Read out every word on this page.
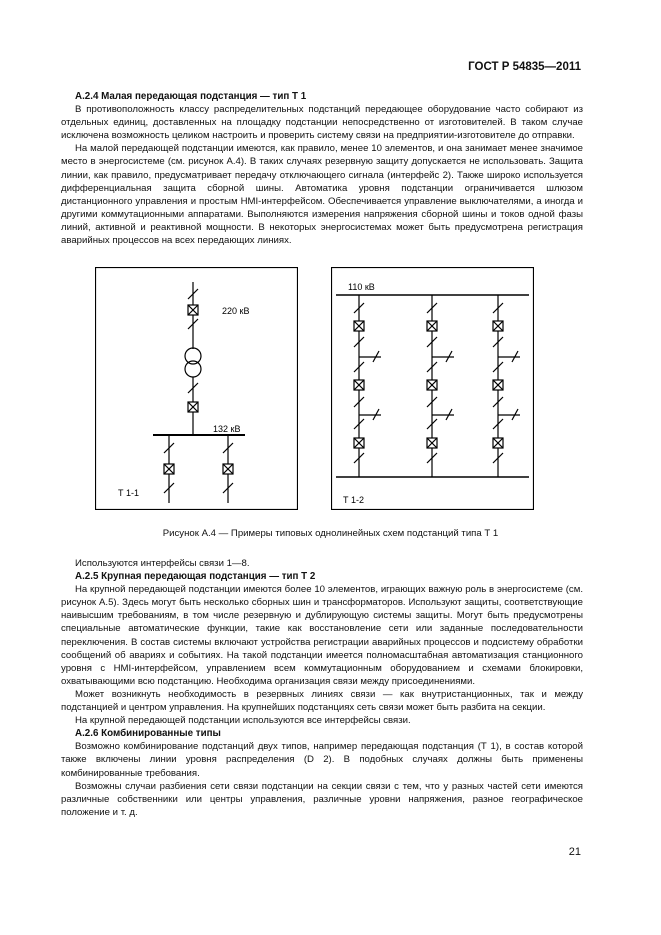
ГОСТ Р 54835—2011
А.2.4 Малая передающая подстанция — тип Т 1

В противоположность классу распределительных подстанций передающее оборудование часто собирают из отдельных единиц, доставленных на площадку подстанции непосредственно от изготовителей. В таком случае исключена возможность целиком настроить и проверить систему связи на предприятии-изготовителе до отправки.

На малой передающей подстанции имеются, как правило, менее 10 элементов, и она занимает менее значимое место в энергосистеме (см. рисунок А.4). В таких случаях резервную защиту допускается не использовать. Защита линии, как правило, предусматривает передачу отключающего сигнала (интерфейс 2). Также широко используется дифференциальная защита сборной шины. Автоматика уровня подстанции ограничивается шлюзом дистанционного управления и простым HMI-интерфейсом. Обеспечивается управление выключателями, а иногда и другими коммутационными аппаратами. Выполняются измерения напряжения сборной шины и токов одной фазы линий, активной и реактивной мощности. В некоторых энергосистемах может быть предусмотрена регистрация аварийных процессов на всех передающих линиях.

220 кВ
132 кВ
Т 1-1
110 кВ
Т 1-2
Рисунок А.4 — Примеры типовых однолинейных схем подстанций типа Т 1

Используются интерфейсы связи 1—8.

А.2.5 Крупная передающая подстанция — тип Т 2

На крупной передающей подстанции имеются более 10 элементов, играющих важную роль в энергосистеме (см. рисунок А.5). Здесь могут быть несколько сборных шин и трансформаторов. Используют защиты, соответствующие наивысшим требованиям, в том числе резервную и дублирующую системы защиты. Могут быть предусмотрены специальные автоматические функции, такие как восстановление сети или заданные последовательности переключения. В состав системы включают устройства регистрации аварийных процессов и подсистему обработки сообщений об авариях и событиях. На такой подстанции имеется полномасштабная автоматизация станционного уровня с HMI-интерфейсом, управлением всем коммутационным оборудованием и схемами блокировки, охватывающими всю подстанцию. Необходима организация связи между присоединениями.

Может возникнуть необходимость в резервных линиях связи — как внутристанционных, так и между подстанцией и центром управления. На крупнейших подстанциях сеть связи может быть разбита на секции.

На крупной передающей подстанции используются все интерфейсы связи.

А.2.6 Комбинированные типы

Возможно комбинирование подстанций двух типов, например передающая подстанция (Т 1), в состав которой также включены линии уровня распределения (D 2). В подобных случаях должны быть применены комбинированные требования.

Возможны случаи разбиения сети связи подстанции на секции связи с тем, что у разных частей сети имеются различные собственники или центры управления, различные уровни напряжения, разное географическое положение и т. д.

21
